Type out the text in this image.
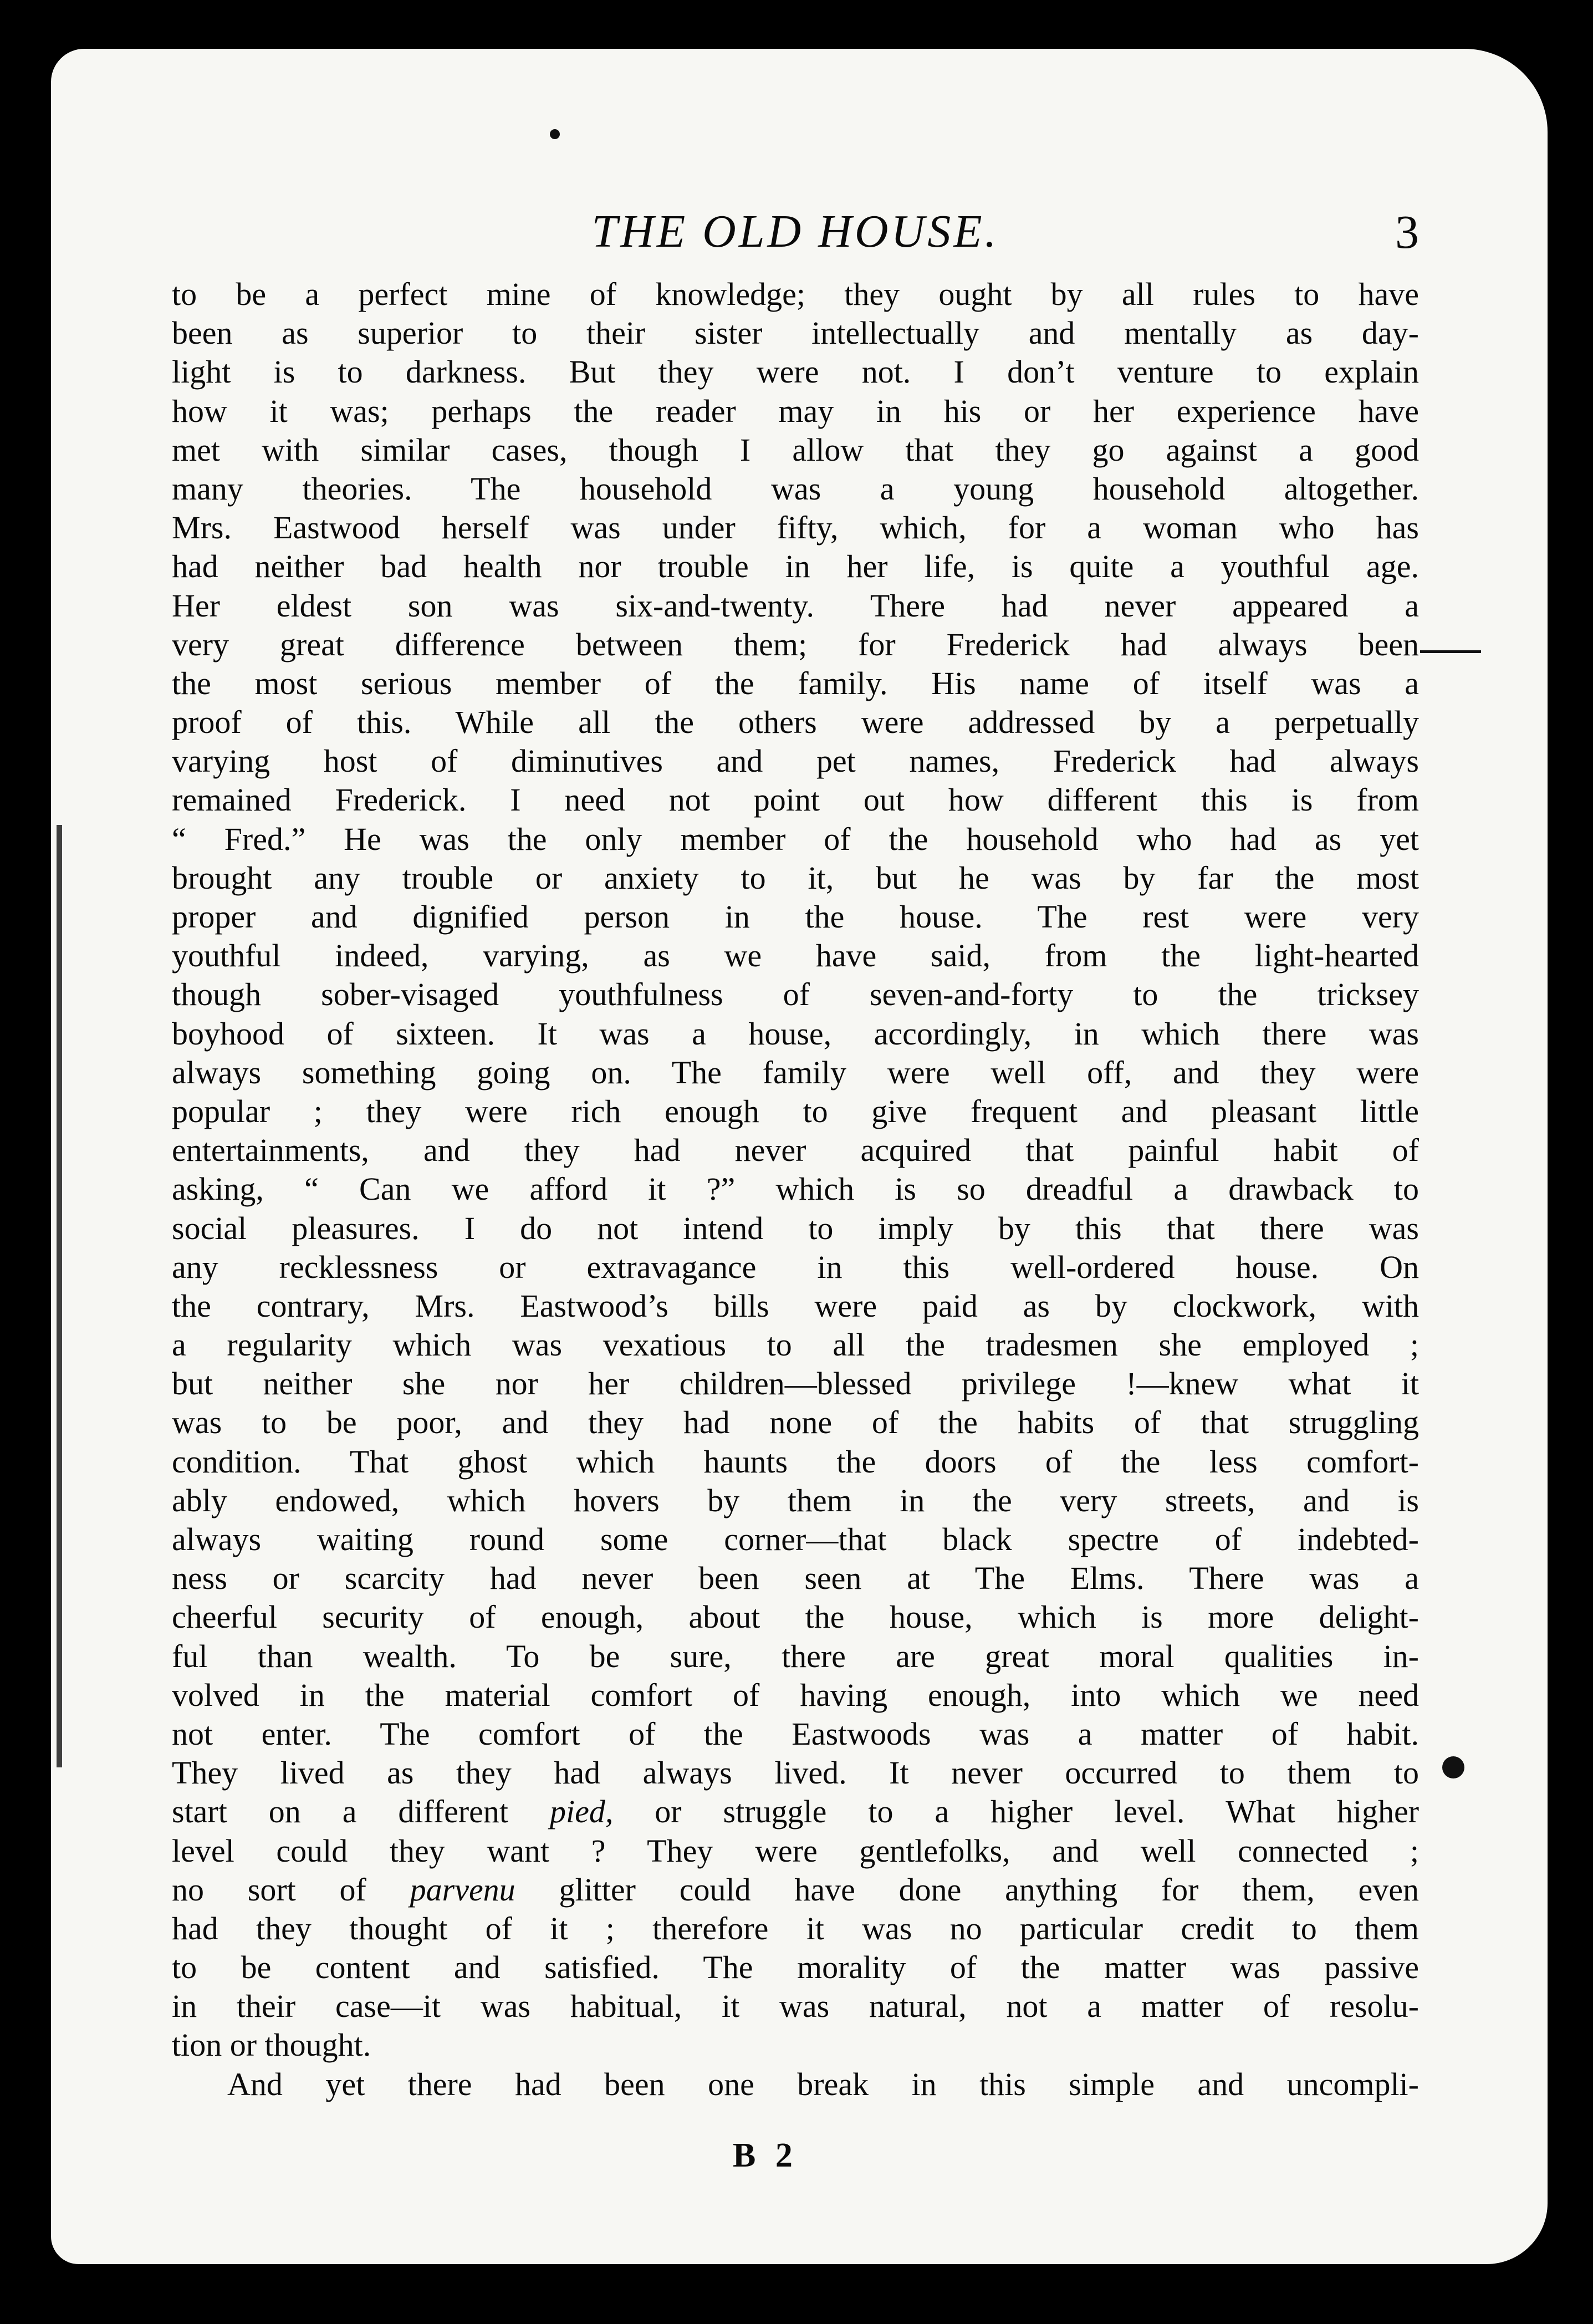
THE OLD HOUSE.	3
to be a perfect mine of knowledge; they ought by all rules to have
been as superior to their sister intellectually and mentally as day-
light is to darkness. But they were not. I don’t venture to explain
how it was; perhaps the reader may in his or her experience have
met with similar cases, though I allow that they go against a good
many theories. The household was a young household altogether.
Mrs. Eastwood herself was under fifty, which, for a woman who has
had neither bad health nor trouble in her life, is quite a youthful age.
Her eldest son was six-and-twenty. There had never appeared a
very great difference between them; for Frederick had always been
the most serious member of the family. His name of itself was a
proof of this. While all the others were addressed by a perpetually
varying host of diminutives and pet names, Frederick had always
remained Frederick. I need not point out how different this is from
“ Fred.” He was the only member of the household who had as yet
brought any trouble or anxiety to it, but he was by far the most
proper and dignified person in the house. The rest were very
youthful indeed, varying, as we have said, from the light-hearted
though sober-visaged youthfulness of seven-and-forty to the tricksey
boyhood of sixteen. It was a house, accordingly, in which there was
always something going on. The family were well off, and they were
popular ; they were rich enough to give frequent and pleasant little
entertainments, and they had never acquired that painful habit of
asking, “ Can we afford it ?” which is so dreadful a drawback to
social pleasures. I do not intend to imply by this that there was
any recklessness or extravagance in this well-ordered house. On
the contrary, Mrs. Eastwood’s bills were paid as by clockwork, with
a regularity which was vexatious to all the tradesmen she employed ;
but neither she nor her children—blessed privilege !—knew what it
was to be poor, and they had none of the habits of that struggling
condition. That ghost which haunts the doors of the less comfort-
ably endowed, which hovers by them in the very streets, and is
always waiting round some corner—that black spectre of indebted-
ness or scarcity had never been seen at The Elms. There was a
cheerful security of enough, about the house, which is more delight-
ful than wealth. To be sure, there are great moral qualities in-
volved in the material comfort of having enough, into which we need
not enter. The comfort of the Eastwoods was a matter of habit.
They lived as they had always lived. It never occurred to them to
start on a different pied, or struggle to a higher level. What higher
level could they want ? They were gentlefolks, and well connected ;
no sort of parvenu glitter could have done anything for them, even
had they thought of it ; therefore it was no particular credit to them
to be content and satisfied. The morality of the matter was passive
in their case—it was habitual, it was natural, not a matter of resolu-
tion or thought.
And yet there had been one break in this simple and uncompli-
B 2
